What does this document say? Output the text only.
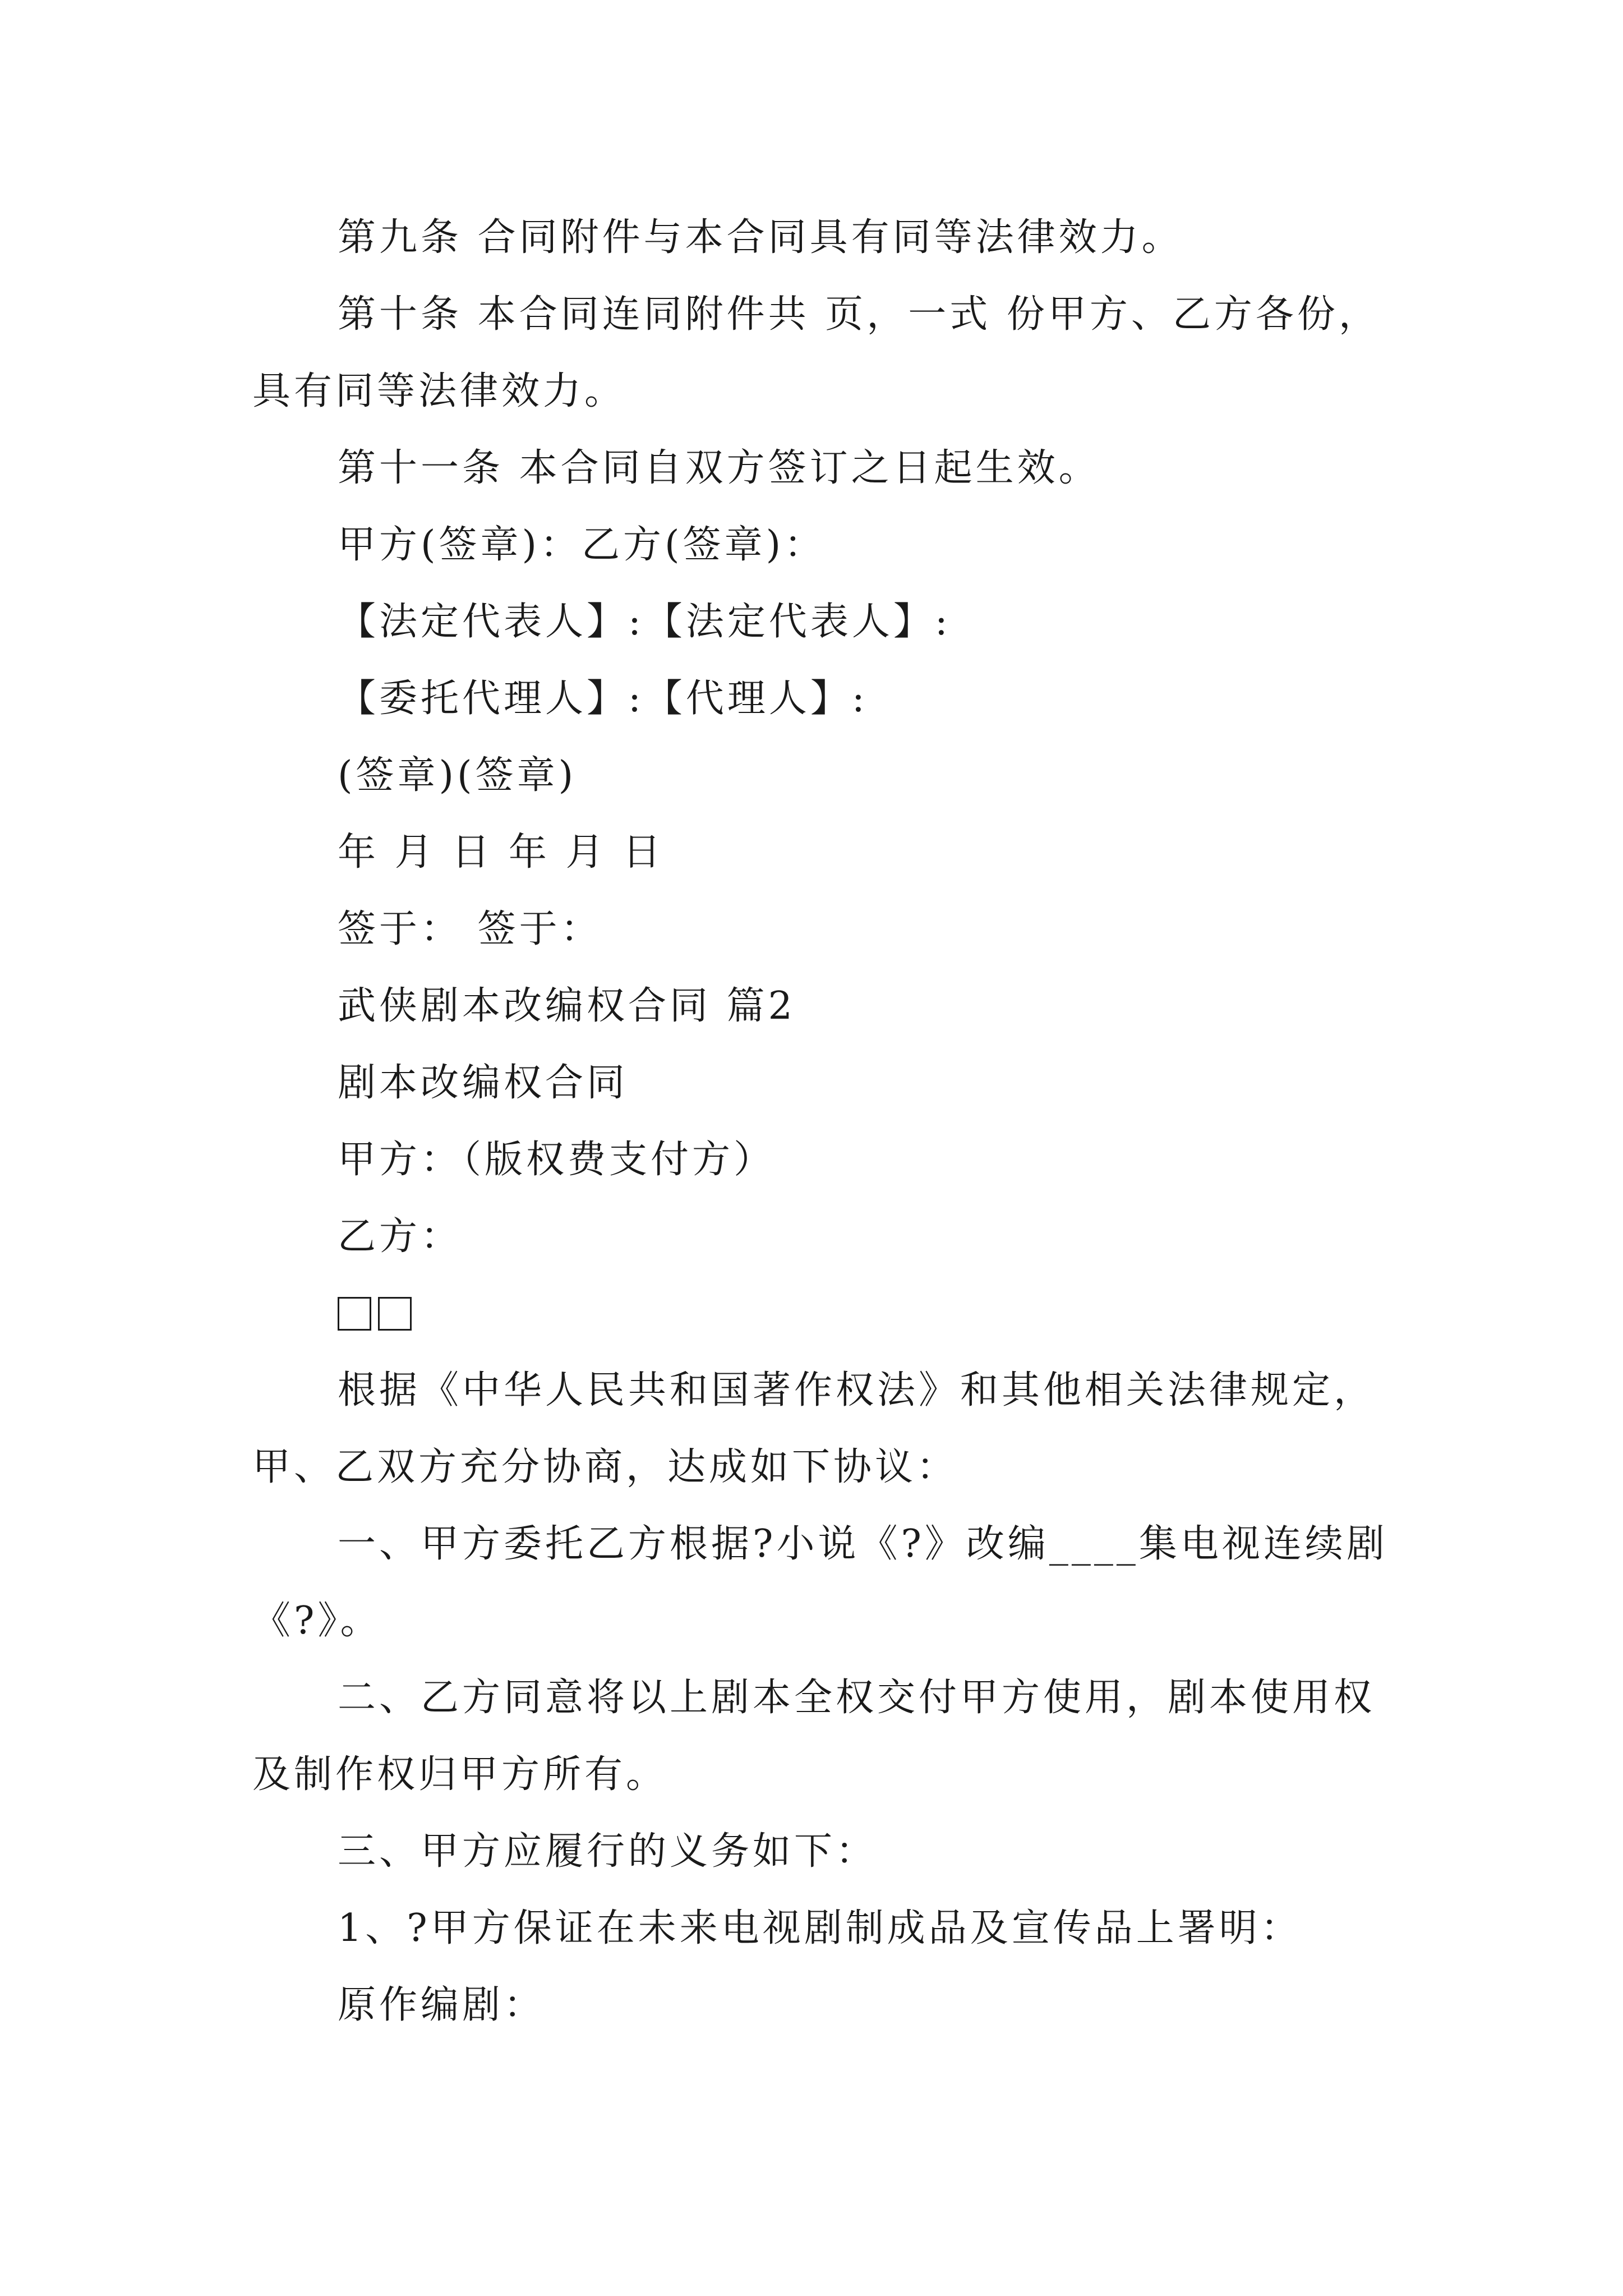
第九条 合同附件与本合同具有同等法律效力。

第十条 本合同连同附件共 页，一式 份甲方、乙方各份，具有同等法律效力。

第十一条 本合同自双方签订之日起生效。

甲方(签章)：乙方(签章)：

【法定代表人】:【法定代表人】:

【委托代理人】:【代理人】:

(签章)(签章)

年 月 日 年 月 日

签于： 签于：

武侠剧本改编权合同 篇2

剧本改编权合同

甲方：（版权费支付方）

乙方：

根据《中华人民共和国著作权法》和其他相关法律规定，甲、乙双方充分协商，达成如下协议：

一、甲方委托乙方根据?小说《?》改编____集电视连续剧《?》。

二、乙方同意将以上剧本全权交付甲方使用，剧本使用权及制作权归甲方所有。

三、甲方应履行的义务如下：

1、?甲方保证在未来电视剧制成品及宣传品上署明：

原作编剧：
